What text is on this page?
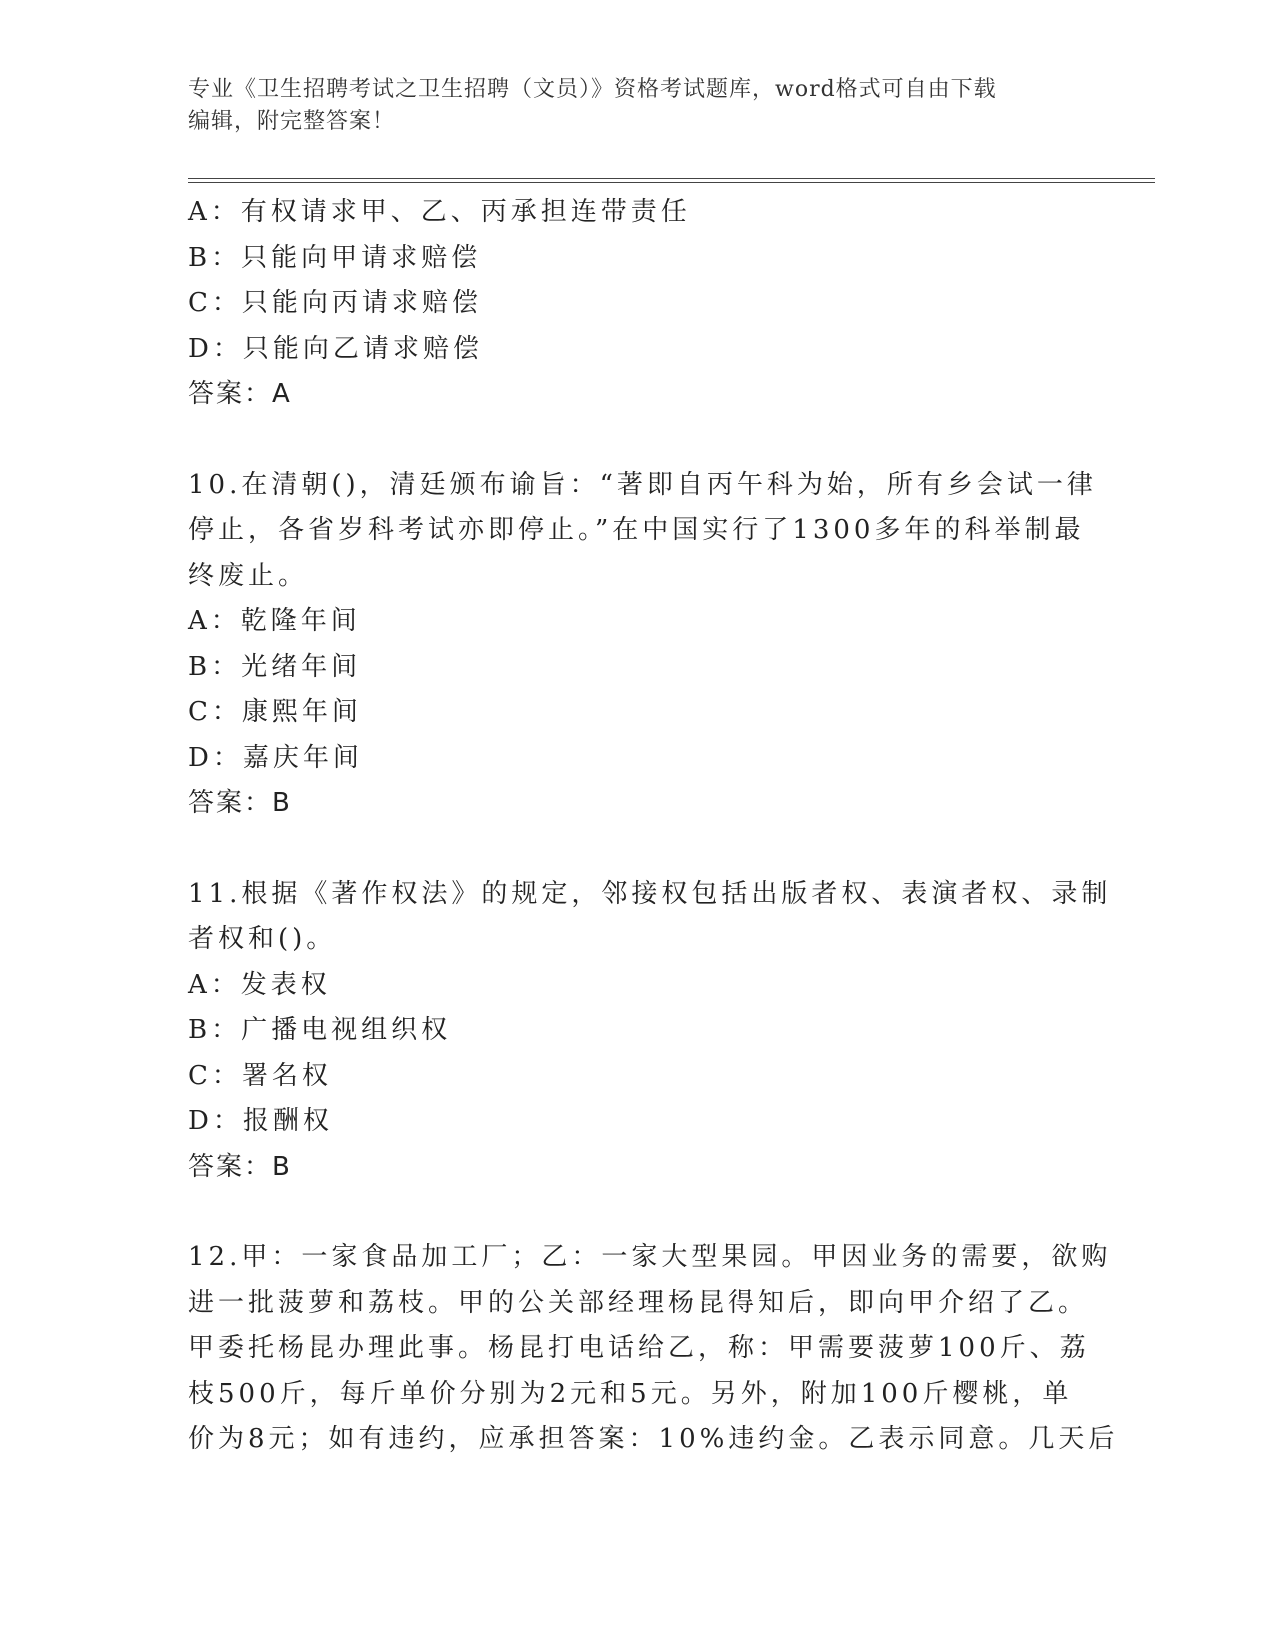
专业《卫生招聘考试之卫生招聘（文员）》资格考试题库，word格式可自由下载
编辑，附完整答案！
A：有权请求甲、乙、丙承担连带责任
B：只能向甲请求赔偿
C：只能向丙请求赔偿
D：只能向乙请求赔偿
答案：A
10.在清朝()，清廷颁布谕旨：“著即自丙午科为始，所有乡会试一律
停止，各省岁科考试亦即停止。”在中国实行了1300多年的科举制最
终废止。
A：乾隆年间
B：光绪年间
C：康熙年间
D：嘉庆年间
答案：B
11.根据《著作权法》的规定，邻接权包括出版者权、表演者权、录制
者权和()。
A：发表权
B：广播电视组织权
C：署名权
D：报酬权
答案：B
12.甲：一家食品加工厂；乙：一家大型果园。甲因业务的需要，欲购
进一批菠萝和荔枝。甲的公关部经理杨昆得知后，即向甲介绍了乙。
甲委托杨昆办理此事。杨昆打电话给乙，称：甲需要菠萝100斤、荔
枝500斤，每斤单价分别为2元和5元。另外，附加100斤樱桃，单
价为8元；如有违约，应承担答案：10%违约金。乙表示同意。几天后
